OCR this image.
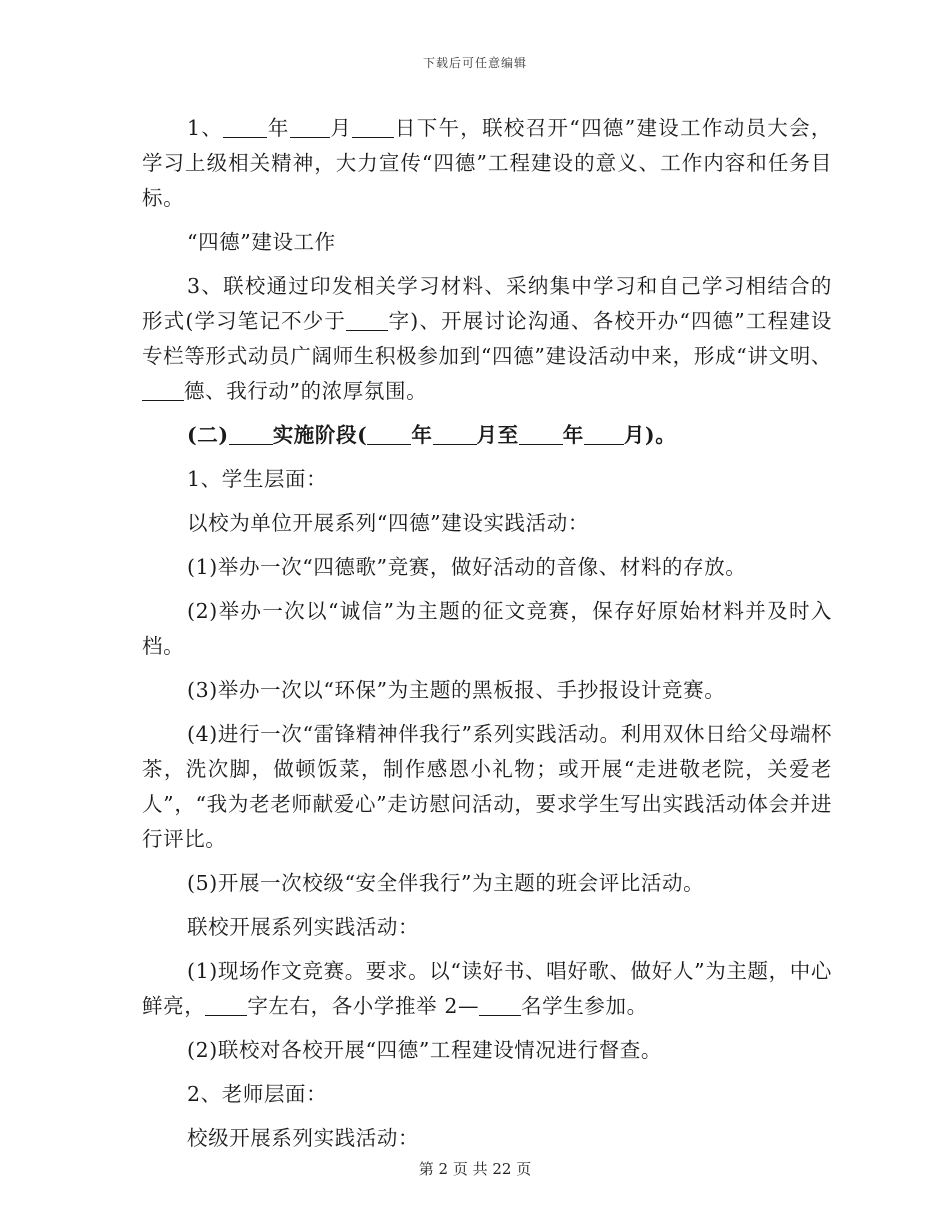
下载后可任意编辑

1、 年 月 日下午，联校召开“四德”建设工作动员大会，学习上级相关精神，大力宣传“四德”工程建设的意义、工作内容和任务目标。

“四德”建设工作

3、联校通过印发相关学习材料、采纳集中学习和自己学习相结合的形式(学习笔记不少于 字)、开展讨论沟通、各校开办“四德”工程建设专栏等形式动员广阔师生积极参加到“四德”建设活动中来，形成“讲文明、德、我行动”的浓厚氛围。

(二) 实施阶段( 年 月至 年 月)。

1、学生层面：

以校为单位开展系列“四德”建设实践活动：

(1)举办一次“四德歌”竞赛，做好活动的音像、材料的存放。

(2)举办一次以“诚信”为主题的征文竞赛，保存好原始材料并及时入档。

(3)举办一次以“环保”为主题的黑板报、手抄报设计竞赛。

(4)进行一次“雷锋精神伴我行”系列实践活动。利用双休日给父母端杯茶，洗次脚，做顿饭菜，制作感恩小礼物；或开展“走进敬老院，关爱老人”，“我为老老师献爱心”走访慰问活动，要求学生写出实践活动体会并进行评比。

(5)开展一次校级“安全伴我行”为主题的班会评比活动。

联校开展系列实践活动：

(1)现场作文竞赛。要求。以“读好书、唱好歌、做好人”为主题，中心鲜亮， 字左右，各小学推举 2— 名学生参加。

(2)联校对各校开展“四德”工程建设情况进行督查。

2、老师层面：

校级开展系列实践活动：

第 2 页 共 22 页
